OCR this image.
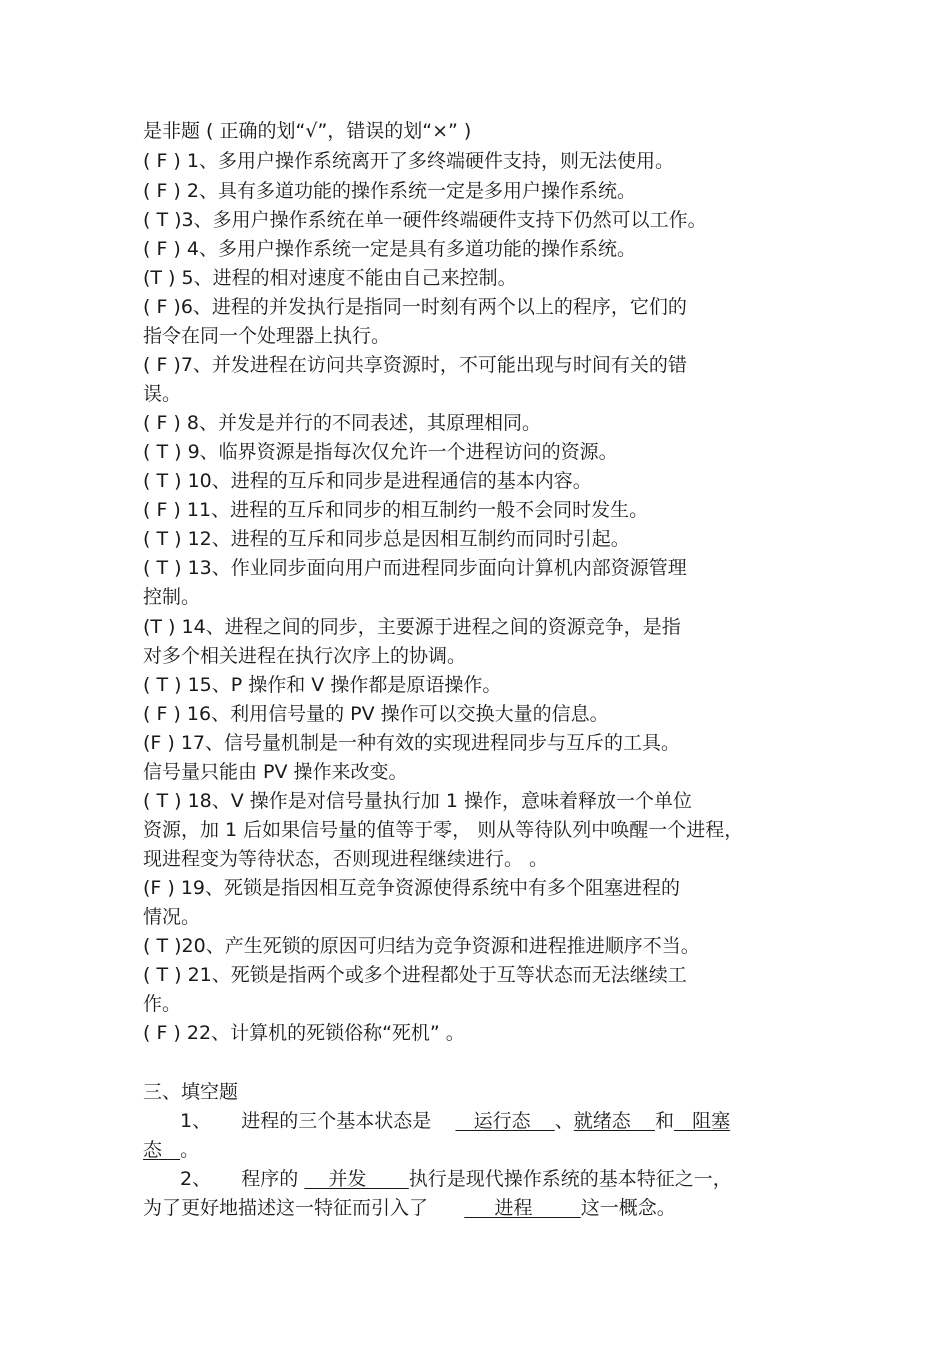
是非题 ( 正确的划“√”，错误的划“×” )
( F ) 1、多用户操作系统离开了多终端硬件支持，则无法使用。
( F ) 2、具有多道功能的操作系统一定是多用户操作系统。
( T )3、多用户操作系统在单一硬件终端硬件支持下仍然可以工作。
( F ) 4、多用户操作系统一定是具有多道功能的操作系统。
(T ) 5、进程的相对速度不能由自己来控制。
( F )6、进程的并发执行是指同一时刻有两个以上的程序，它们的
指令在同一个处理器上执行。
( F )7、并发进程在访问共享资源时，不可能出现与时间有关的错
误。
( F ) 8、并发是并行的不同表述，其原理相同。
( T ) 9、临界资源是指每次仅允许一个进程访问的资源。
( T ) 10、进程的互斥和同步是进程通信的基本内容。
( F ) 11、进程的互斥和同步的相互制约一般不会同时发生。
( T ) 12、进程的互斥和同步总是因相互制约而同时引起。
( T ) 13、作业同步面向用户而进程同步面向计算机内部资源管理
控制。
(T ) 14、进程之间的同步，主要源于进程之间的资源竞争，是指
对多个相关进程在执行次序上的协调。
( T ) 15、P 操作和 V 操作都是原语操作。
( F ) 16、利用信号量的 PV 操作可以交换大量的信息。
(F ) 17、信号量机制是一种有效的实现进程同步与互斥的工具。
信号量只能由 PV 操作来改变。
( T ) 18、V 操作是对信号量执行加 1 操作，意味着释放一个单位
资源，加 1 后如果信号量的值等于零， 则从等待队列中唤醒一个进程，
现进程变为等待状态，否则现进程继续进行。 。
(F ) 19、死锁是指因相互竞争资源使得系统中有多个阻塞进程的
情况。
( T )20、产生死锁的原因可归结为竞争资源和进程推进顺序不当。
( T ) 21、死锁是指两个或多个进程都处于互等状态而无法继续工
作。
( F ) 22、计算机的死锁俗称“死机” 。
三、填空题
1、 进程的三个基本状态是       运行态    、就绪态    和   阻塞
态   。
2、 程序的     并发       执行是现代操作系统的基本特征之一，
为了更好地描述这一特征而引入了           进程        这一概念。
